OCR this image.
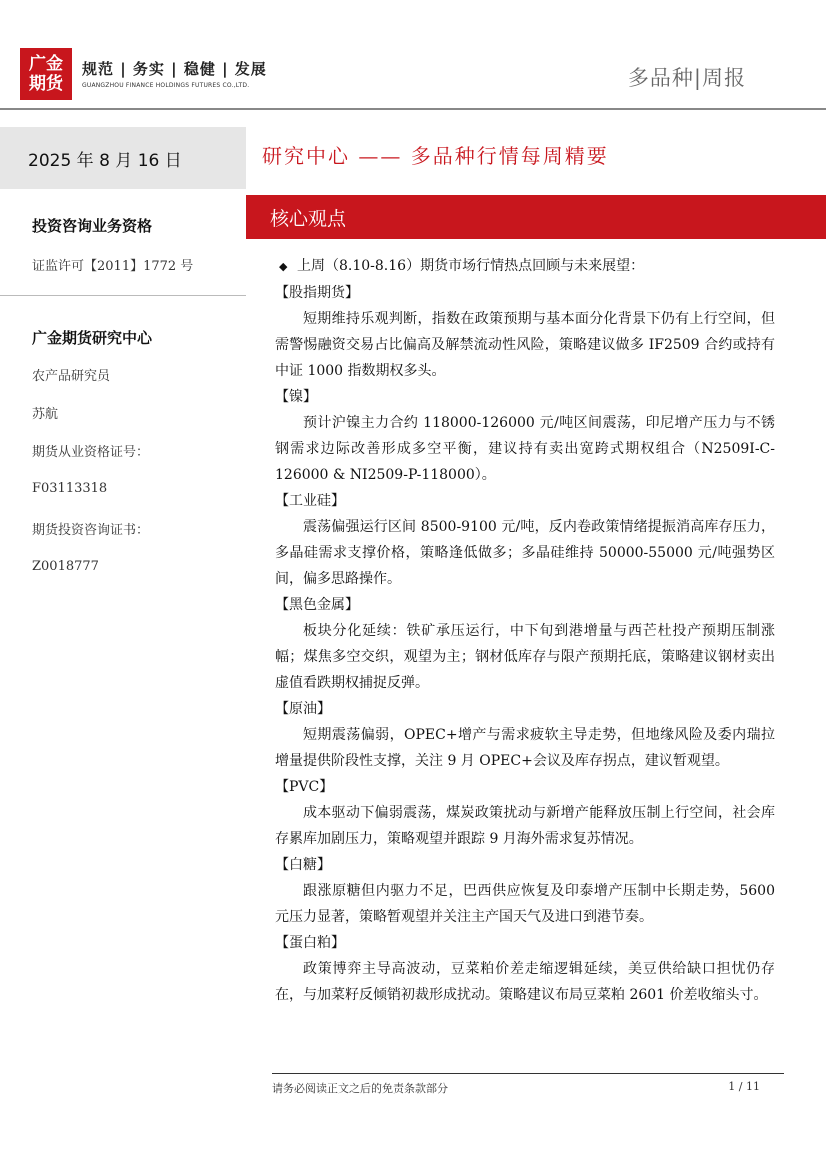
广金
期货
规范 | 务实 | 稳健 | 发展
GUANGZHOU FINANCE HOLDINGS FUTURES CO.,LTD.	多品种|周报
2025 年 8 月 16 日
投资咨询业务资格
证监许可【2011】1772 号
广金期货研究中心
农产品研究员
苏航
期货从业资格证号：
F03113318
期货投资咨询证书：
Z0018777
研究中心 —— 多品种行情每周精要
核心观点
◆ 上周（8.10-8.16）期货市场行情热点回顾与未来展望：
【股指期货】
短期维持乐观判断，指数在政策预期与基本面分化背景下仍有上行空间，但需警惕融资交易占比偏高及解禁流动性风险，策略建议做多 IF2509 合约或持有中证 1000 指数期权多头。
【镍】
预计沪镍主力合约 118000-126000 元/吨区间震荡，印尼增产压力与不锈钢需求边际改善形成多空平衡，建议持有卖出宽跨式期权组合（N2509I-C-126000 & NI2509-P-118000）。
【工业硅】
震荡偏强运行区间 8500-9100 元/吨，反内卷政策情绪提振消高库存压力，多晶硅需求支撑价格，策略逢低做多；多晶硅维持 50000-55000 元/吨强势区间，偏多思路操作。
【黑色金属】
板块分化延续：铁矿承压运行，中下旬到港增量与西芒杜投产预期压制涨幅；煤焦多空交织，观望为主；钢材低库存与限产预期托底，策略建议钢材卖出虚值看跌期权捕捉反弹。
【原油】
短期震荡偏弱，OPEC+增产与需求疲软主导走势，但地缘风险及委内瑞拉增量提供阶段性支撑，关注 9 月 OPEC+会议及库存拐点，建议暂观望。
【PVC】
成本驱动下偏弱震荡，煤炭政策扰动与新增产能释放压制上行空间，社会库存累库加剧压力，策略观望并跟踪 9 月海外需求复苏情况。
【白糖】
跟涨原糖但内驱力不足，巴西供应恢复及印泰增产压制中长期走势，5600 元压力显著，策略暂观望并关注主产国天气及进口到港节奏。
【蛋白粕】
政策博弈主导高波动，豆菜粕价差走缩逻辑延续，美豆供给缺口担忧仍存在，与加菜籽反倾销初裁形成扰动。策略建议布局豆菜粕 2601 价差收缩头寸。
请务必阅读正文之后的免责条款部分	1 / 11
